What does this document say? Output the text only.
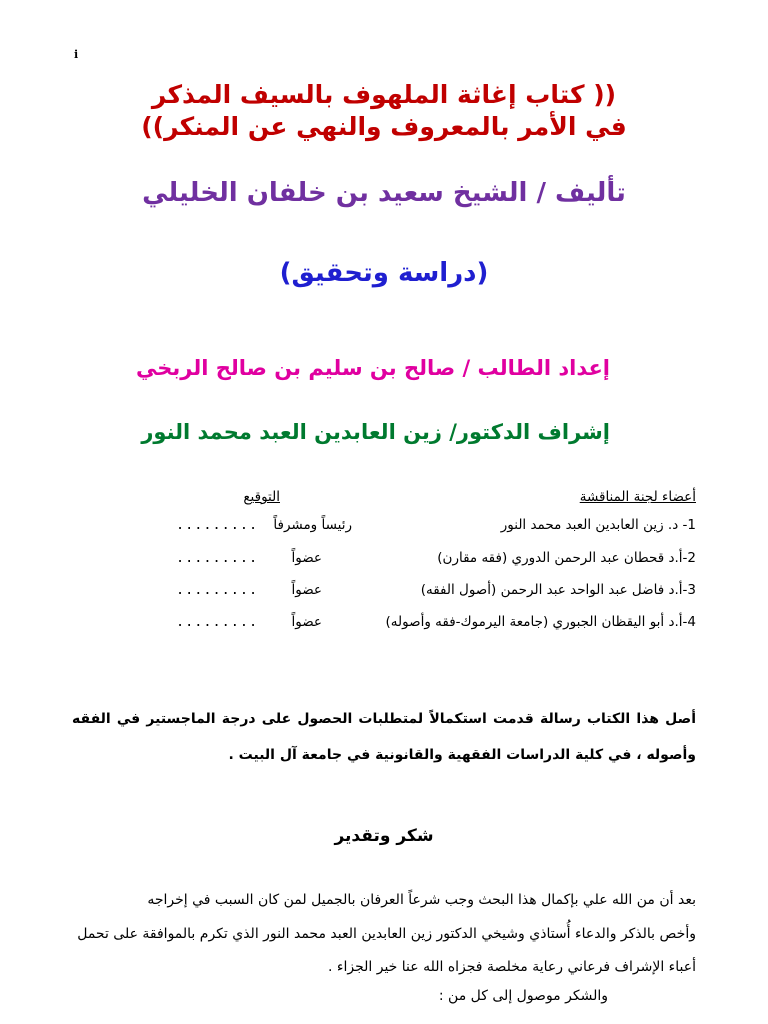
i
(( كتاب إغاثة الملهوف بالسيف المذكر
في الأمر بالمعروف والنهي عن المنكر))
تأليف / الشيخ سعيد بن خلفان الخليلي
(دراسة وتحقيق)
إعداد الطالب / صالح بن سليم بن صالح الربخي
إشراف الدكتور/ زين العابدين العبد محمد النور
أعضاء لجنة المناقشة
التوقيع
1- د. زين العابدين العبد محمد النور
رئيساً ومشرفاً
.........
2-أ.د قحطان عبد الرحمن الدوري (فقه مقارن)
عضواً
.........
3-أ.د فاضل عبد الواحد عبد الرحمن (أصول الفقه)
عضواً
.........
4-أ.د أبو اليقظان الجبوري (جامعة اليرموك-فقه وأصوله)
عضواً
.........
أصل هذا الكتاب رسالة قدمت استكمالاً لمتطلبات الحصول على درجة الماجستير في الفقه وأصوله ، في كلية الدراسات الفقهية والقانونية في جامعة آل البيت .
شكر وتقدير
بعد أن من الله علي بإكمال هذا البحث وجب شرعاً العرفان بالجميل لمن كان السبب في إخراجه
وأخص بالذكر والدعاء أُستاذي وشيخي الدكتور زين العابدين العبد محمد النور الذي تكرم بالموافقة على تحمل
أعباء الإشراف فرعاني رعاية مخلصة فجزاه الله عنا خير الجزاء .
والشكر موصول إلى كل من :
